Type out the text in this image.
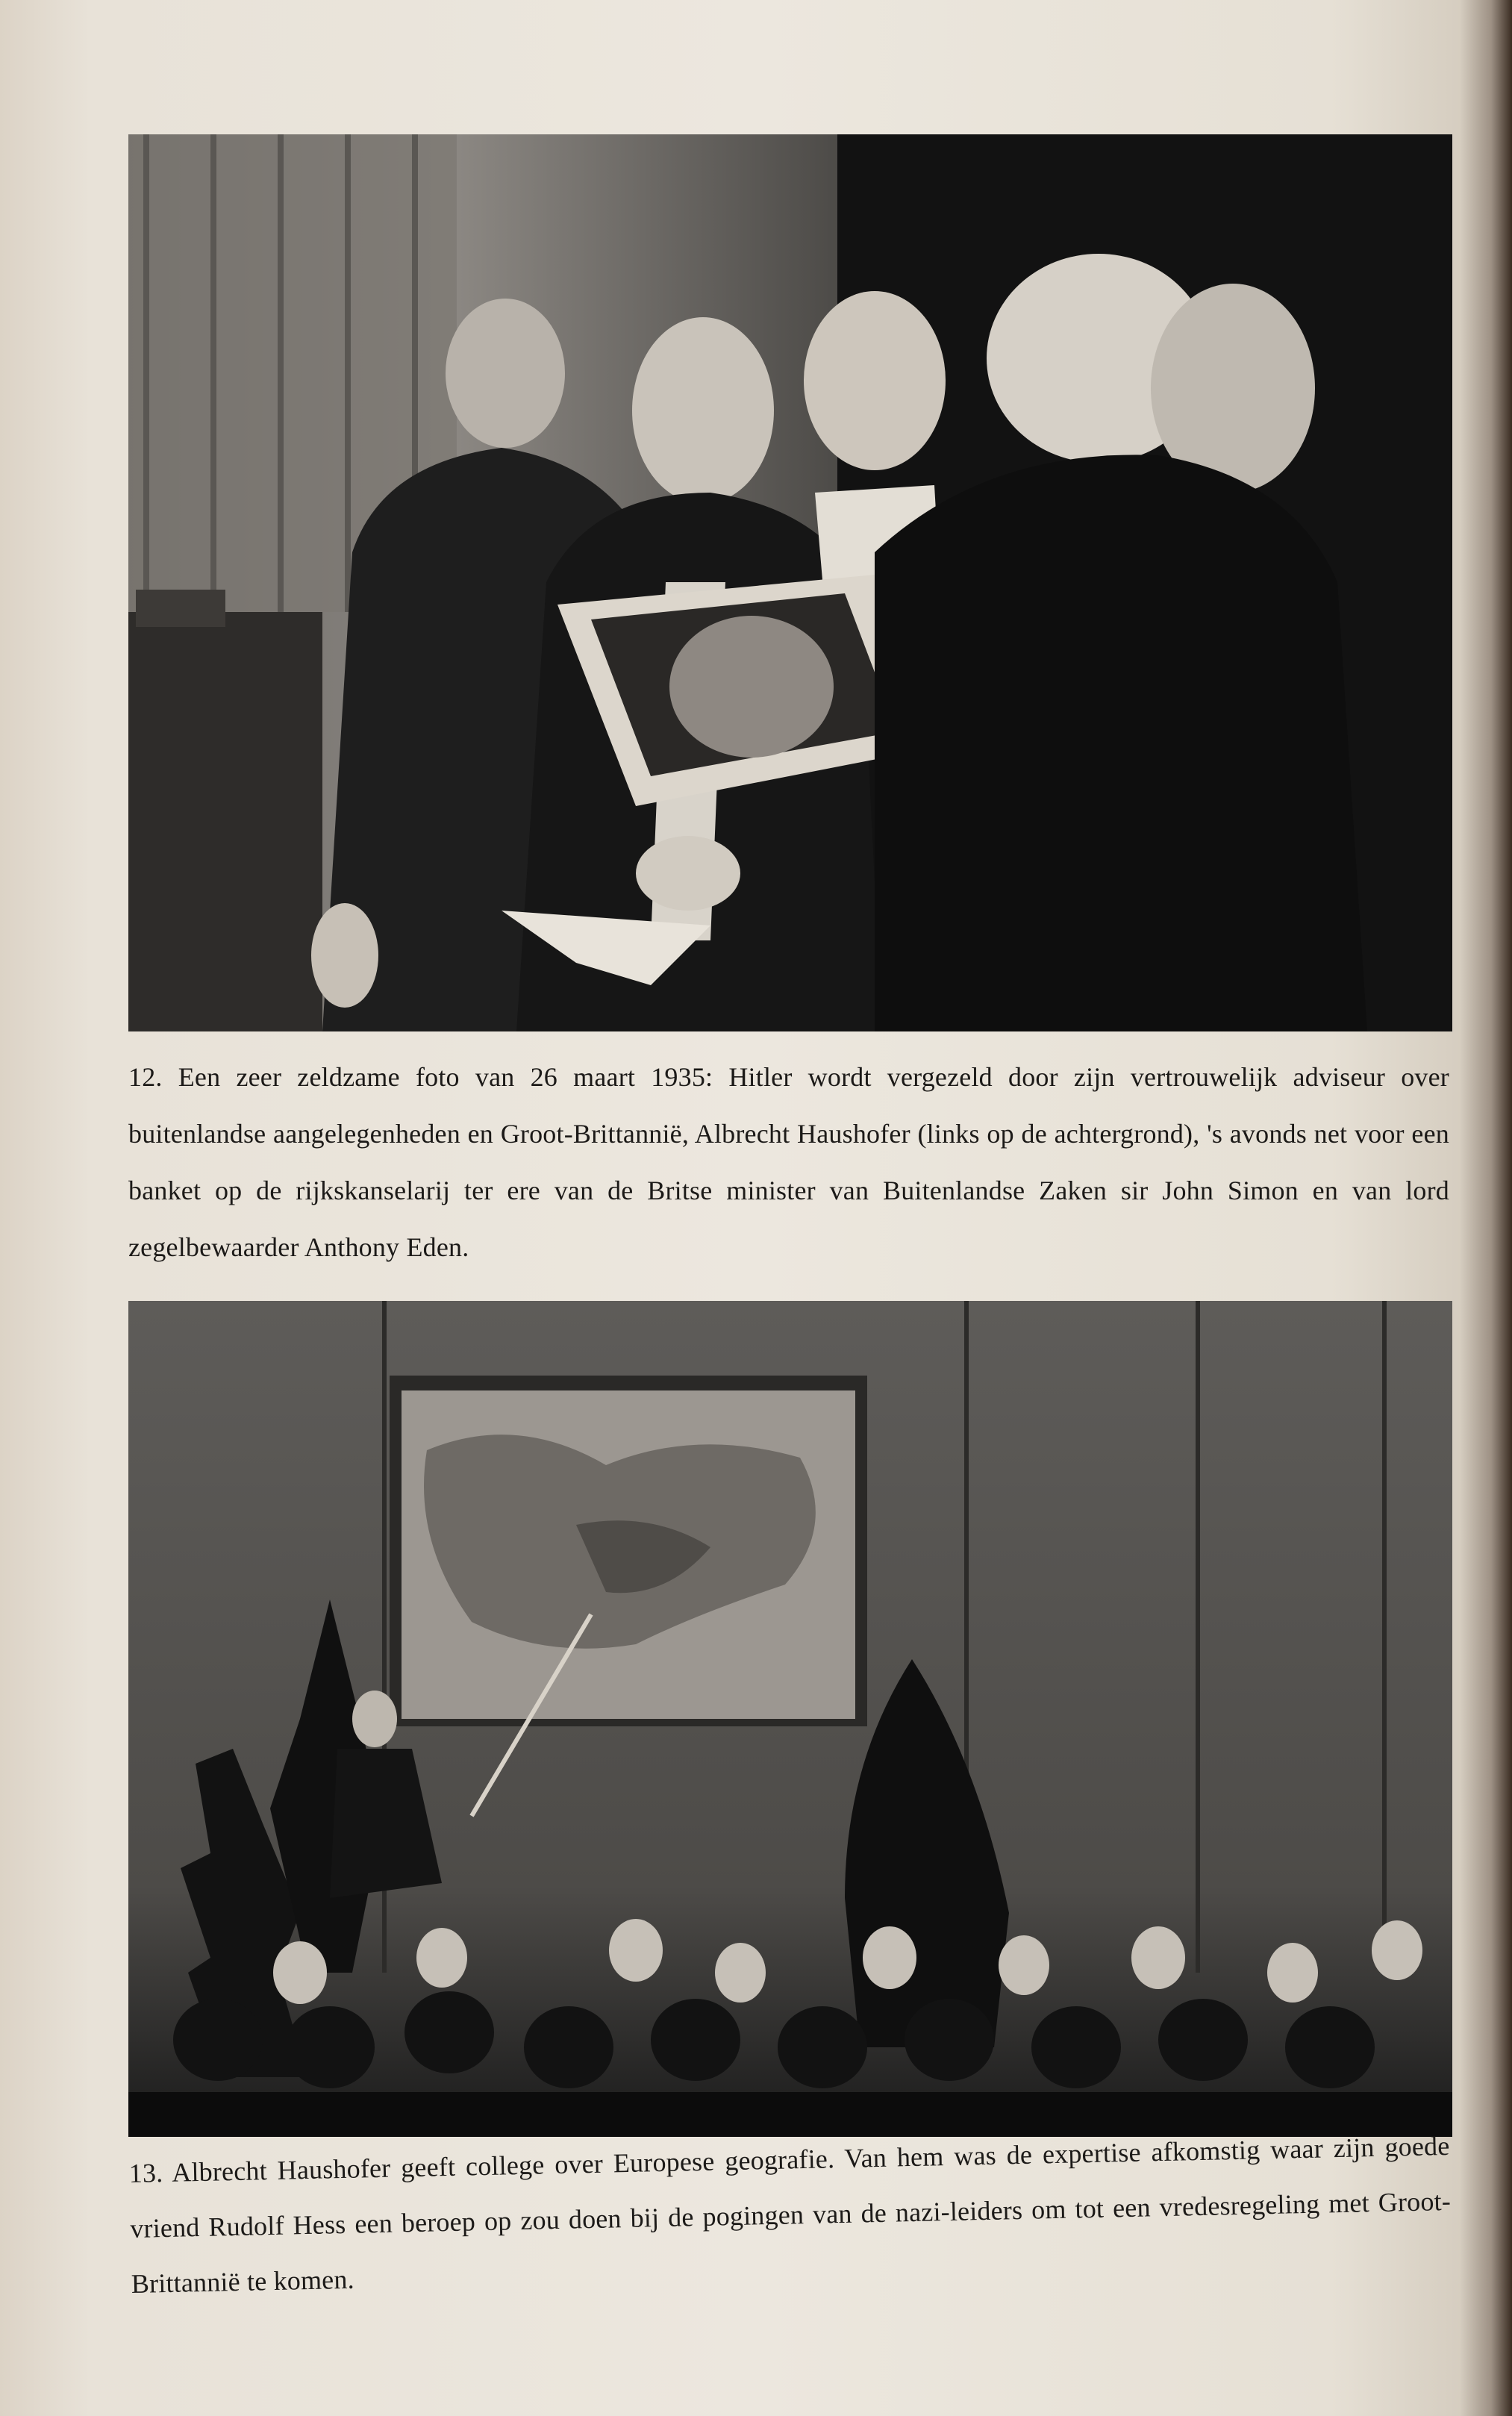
12. Een zeer zeldzame foto van 26 maart 1935: Hitler wordt vergezeld door zijn vertrouwelijk adviseur over buitenlandse aangelegenheden en Groot-Brittannië, Albrecht Haushofer (links op de achtergrond), 's avonds net voor een banket op de rijkskanselarij ter ere van de Britse minister van Buitenlandse Zaken sir John Simon en van lord zegelbewaarder Anthony Eden.
13. Albrecht Haushofer geeft college over Europese geografie. Van hem was de expertise afkomstig waar zijn goede vriend Rudolf Hess een beroep op zou doen bij de pogingen van de nazi-leiders om tot een vredesregeling met Groot-Brittannië te komen.
